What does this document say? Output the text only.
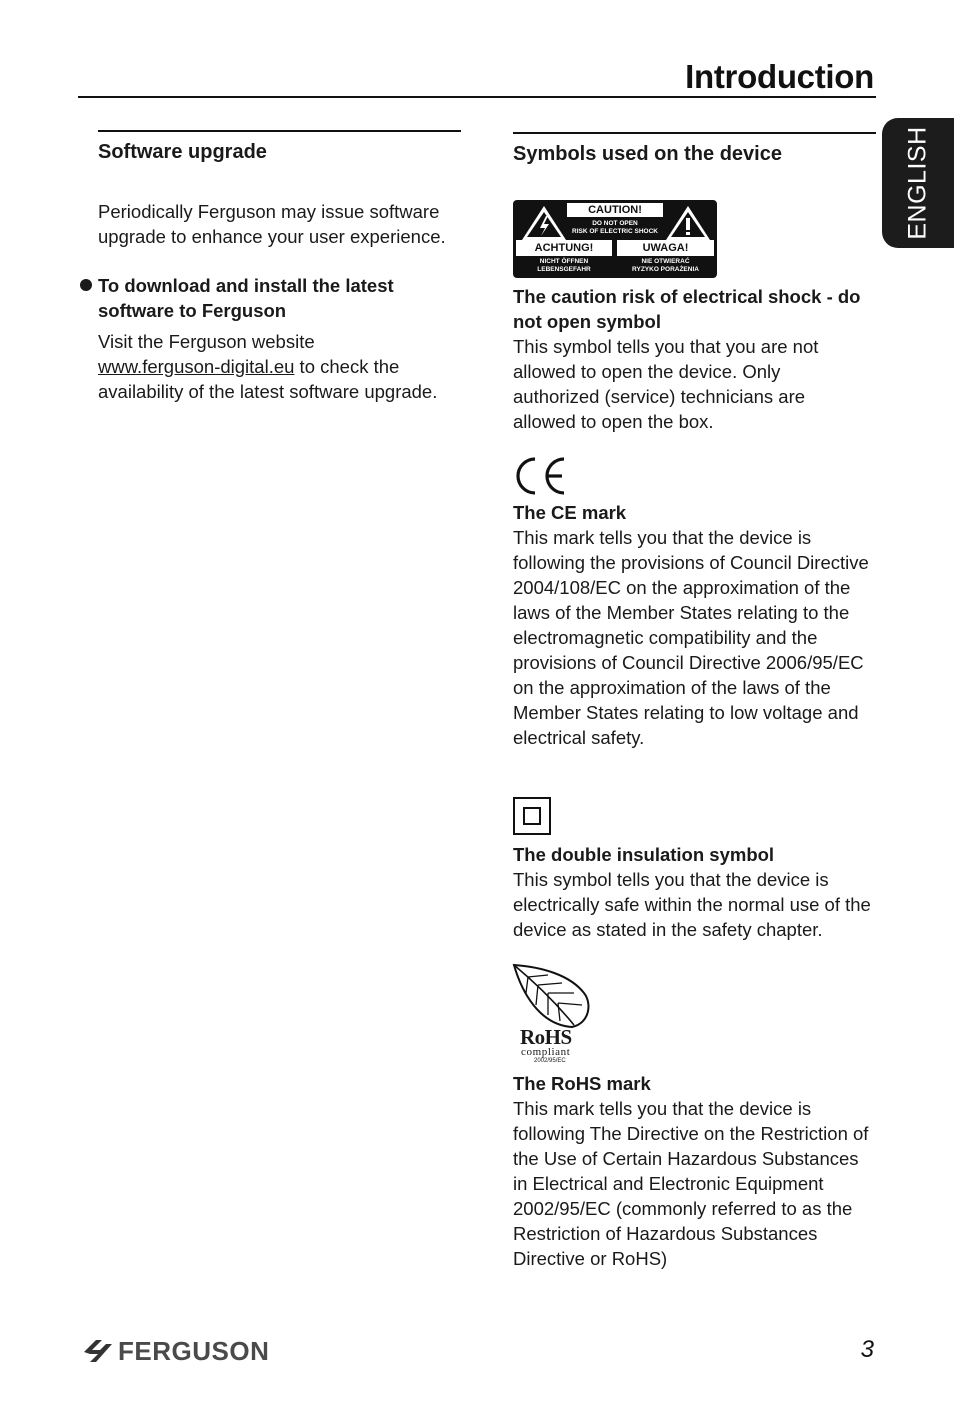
Introduction
ENGLISH
Software upgrade

Periodically Ferguson may issue software upgrade to enhance your user experience.

To download and install the latest software to Ferguson

Visit the Ferguson website
www.ferguson-digital.eu to check the availability of the latest software upgrade.

Symbols used on the device
CAUTION!
DO NOT OPEN
RISK OF ELECTRIC SHOCK
ACHTUNG!
NICHT ÖFFNEN
LEBENSGEFAHR
UWAGA!
NIE OTWIERAĆ
RYZYKO PORAŻENIA

The caution risk of electrical shock - do not open symbol

This symbol tells you that you are not allowed to open the device. Only authorized (service) technicians are allowed to open the box.

The CE mark

This mark tells you that the device is following the provisions of Council Directive 2004/108/EC on the approximation of the laws of the Member States relating to the electromagnetic compatibility and the provisions of Council Directive 2006/95/EC on the approximation of the laws of the Member States relating to low voltage and electrical safety.

The double insulation symbol

This symbol tells you that the device is electrically safe within the normal use of the device as stated in the safety chapter.

RoHS
compliant
2002/95/EC

The RoHS mark

This mark tells you that the device is following The Directive on the Restriction of the Use of Certain Hazardous Substances in Electrical and Electronic Equipment 2002/95/EC (commonly referred to as the Restriction of Hazardous Substances Directive or RoHS)

FERGUSON	3
